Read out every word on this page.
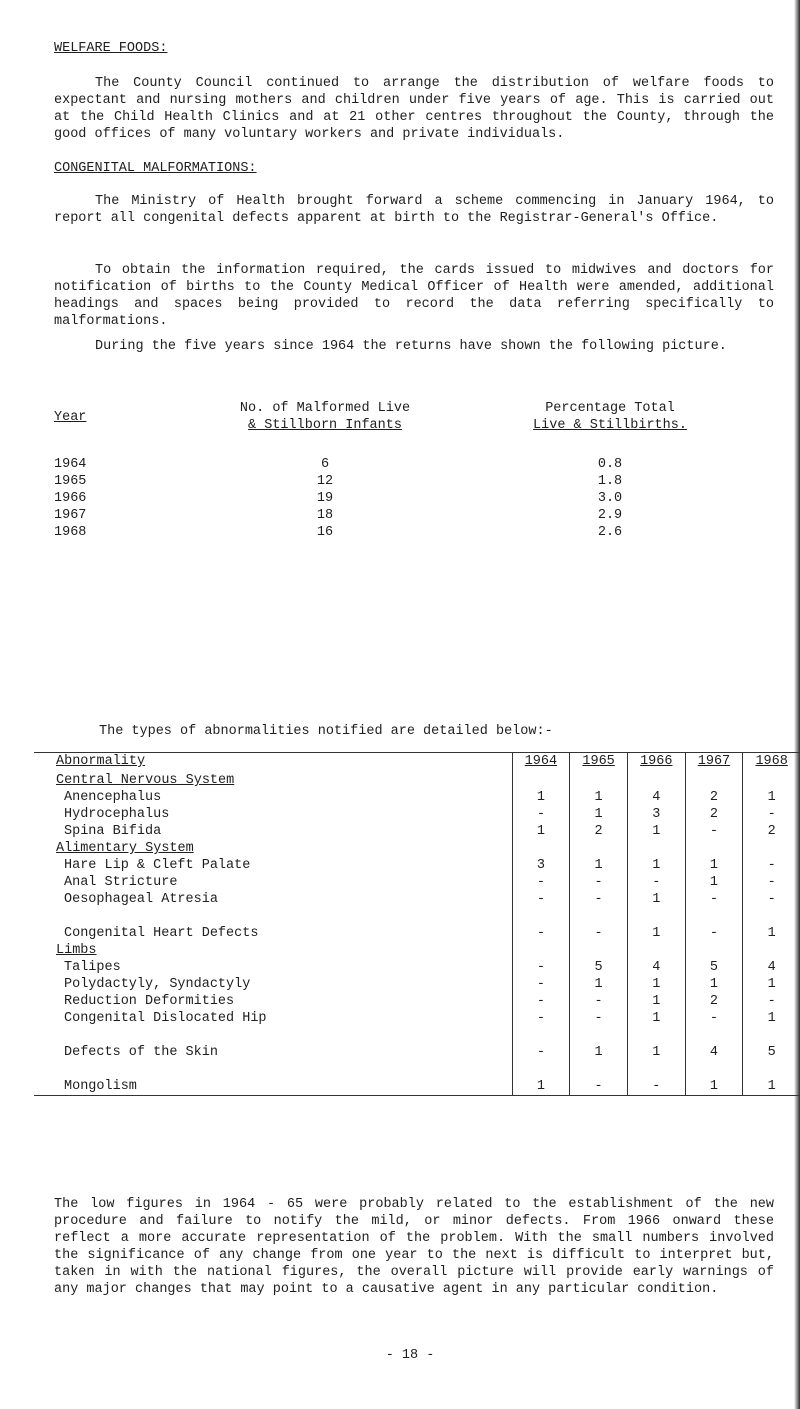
WELFARE FOODS:

The County Council continued to arrange the distribution of welfare foods to expectant and nursing mothers and children under five years of age. This is carried out at the Child Health Clinics and at 21 other centres throughout the County, through the good offices of many voluntary workers and private individuals.

CONGENITAL MALFORMATIONS:

The Ministry of Health brought forward a scheme commencing in January 1964, to report all congenital defects apparent at birth to the Registrar-General's Office.

To obtain the information required, the cards issued to midwives and doctors for notification of births to the County Medical Officer of Health were amended, additional headings and spaces being provided to record the data referring specifically to malformations.

During the five years since 1964 the returns have shown the following picture.

Year
No. of Malformed Live
& Stillborn Infants
Percentage Total
Live & Stillbirths.
1964	6	0.8
1965	12	1.8
1966	19	3.0
1967	18	2.9
1968	16	2.6
The types of abnormalities notified are detailed below:-
Abnormality	1964	1965	1966	1967	1968
Central Nervous System					
Anencephalus	1	1	4	2	1
Hydrocephalus	-	1	3	2	-
Spina Bifida	1	2	1	-	2
Alimentary System					
Hare Lip & Cleft Palate	3	1	1	1	-
Anal Stricture	-	-	-	1	-
Oesophageal Atresia	-	-	1	-	-

Congenital Heart Defects	-	-	1	-	1
Limbs					
Talipes	-	5	4	5	4
Polydactyly, Syndactyly	-	1	1	1	1
Reduction Deformities	-	-	1	2	-
Congenital Dislocated Hip	-	-	1	-	1

Defects of the Skin	-	1	1	4	5

Mongolism	1	-	-	1	1

The low figures in 1964 - 65 were probably related to the establishment of the new procedure and failure to notify the mild, or minor defects. From 1966 onward these reflect a more accurate representation of the problem. With the small numbers involved the significance of any change from one year to the next is difficult to interpret but, taken in with the national figures, the overall picture will provide early warnings of any major changes that may point to a causative agent in any particular condition.

- 18 -
